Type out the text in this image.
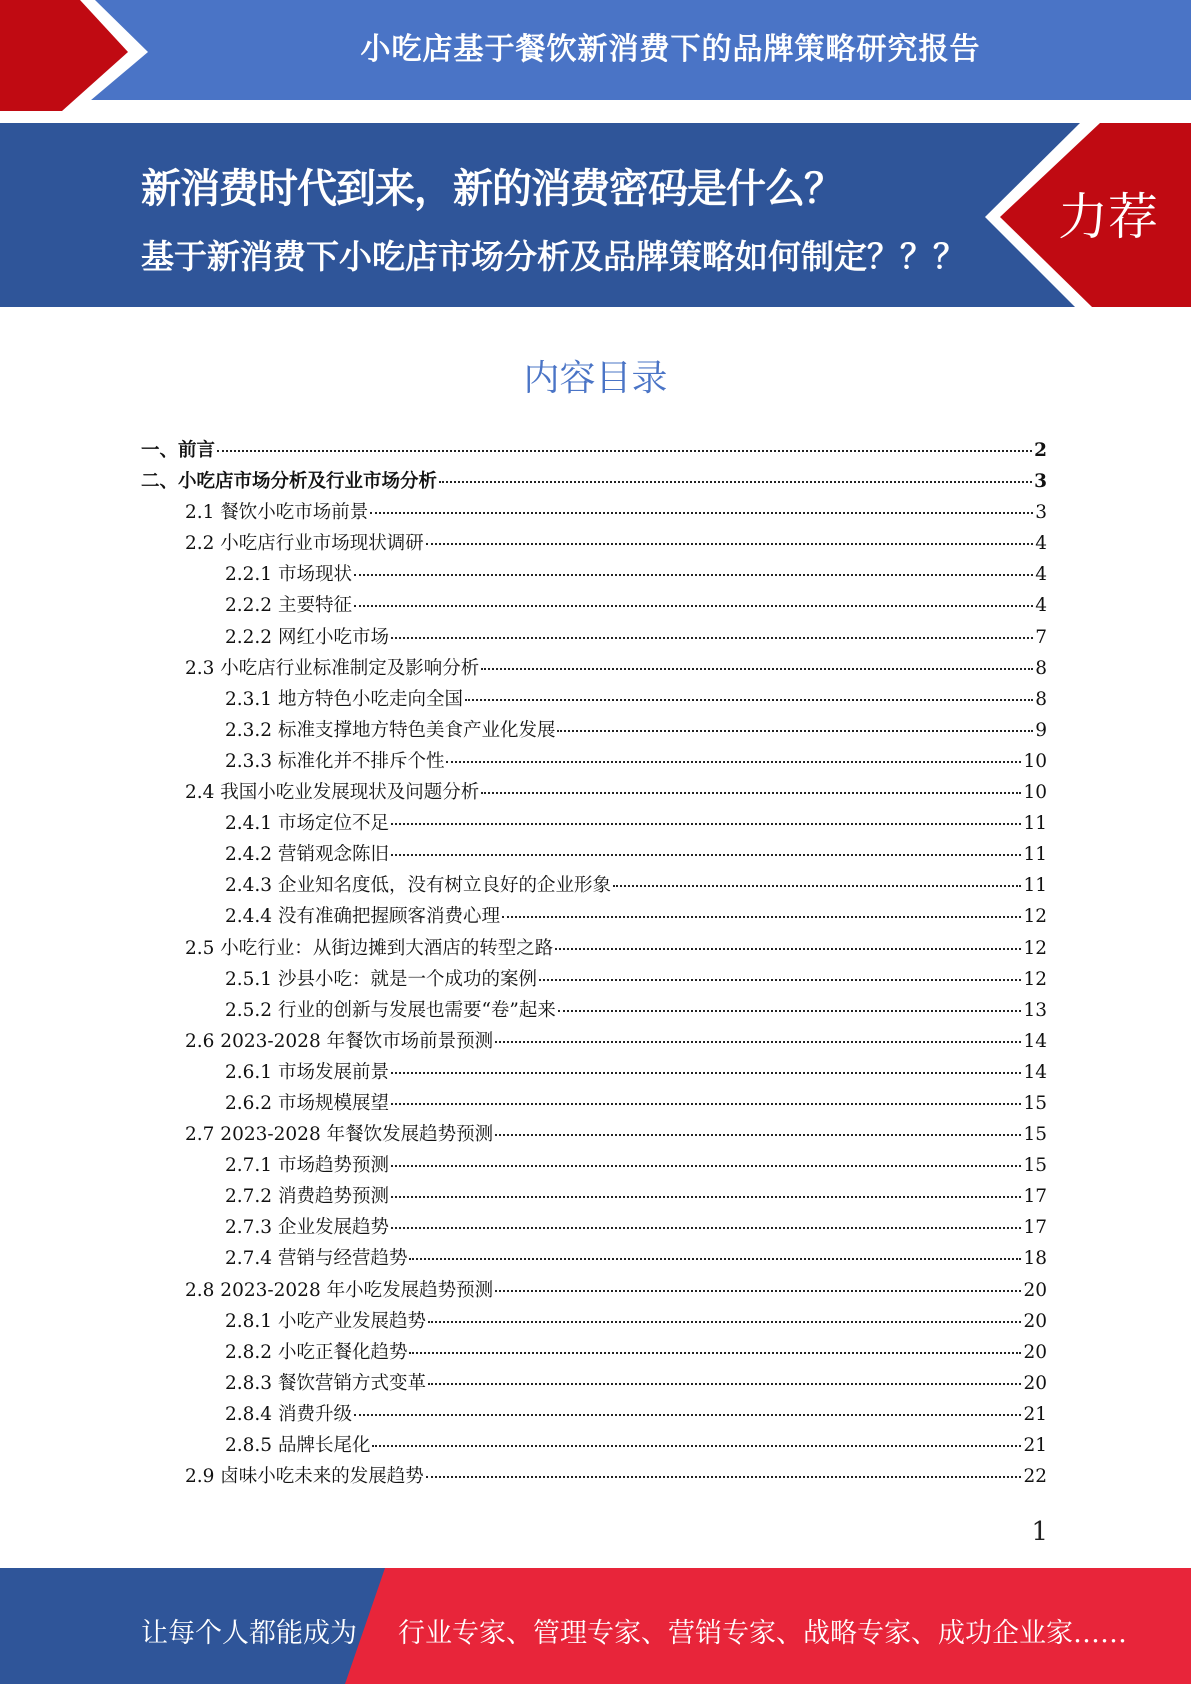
小吃店基于餐饮新消费下的品牌策略研究报告
新消费时代到来，新的消费密码是什么？
基于新消费下小吃店市场分析及品牌策略如何制定？？？
力荐
内容目录
一、前言	2
二、小吃店市场分析及行业市场分析	3
2.1 餐饮小吃市场前景	3
2.2 小吃店行业市场现状调研	4
2.2.1 市场现状	4
2.2.2 主要特征	4
2.2.2 网红小吃市场	7
2.3 小吃店行业标准制定及影响分析	8
2.3.1 地方特色小吃走向全国	8
2.3.2 标准支撑地方特色美食产业化发展	9
2.3.3 标准化并不排斥个性	10
2.4 我国小吃业发展现状及问题分析	10
2.4.1 市场定位不足	11
2.4.2 营销观念陈旧	11
2.4.3 企业知名度低，没有树立良好的企业形象	11
2.4.4 没有准确把握顾客消费心理	12
2.5 小吃行业：从街边摊到大酒店的转型之路	12
2.5.1 沙县小吃：就是一个成功的案例	12
2.5.2 行业的创新与发展也需要“卷”起来	13
2.6 2023-2028 年餐饮市场前景预测	14
2.6.1 市场发展前景	14
2.6.2 市场规模展望	15
2.7 2023-2028 年餐饮发展趋势预测	15
2.7.1 市场趋势预测	15
2.7.2 消费趋势预测	17
2.7.3 企业发展趋势	17
2.7.4 营销与经营趋势	18
2.8 2023-2028 年小吃发展趋势预测	20
2.8.1 小吃产业发展趋势	20
2.8.2 小吃正餐化趋势	20
2.8.3 餐饮营销方式变革	20
2.8.4 消费升级	21
2.8.5 品牌长尾化	21
2.9 卤味小吃未来的发展趋势	22
1
让每个人都能成为 行业专家、管理专家、营销专家、战略专家、成功企业家……
